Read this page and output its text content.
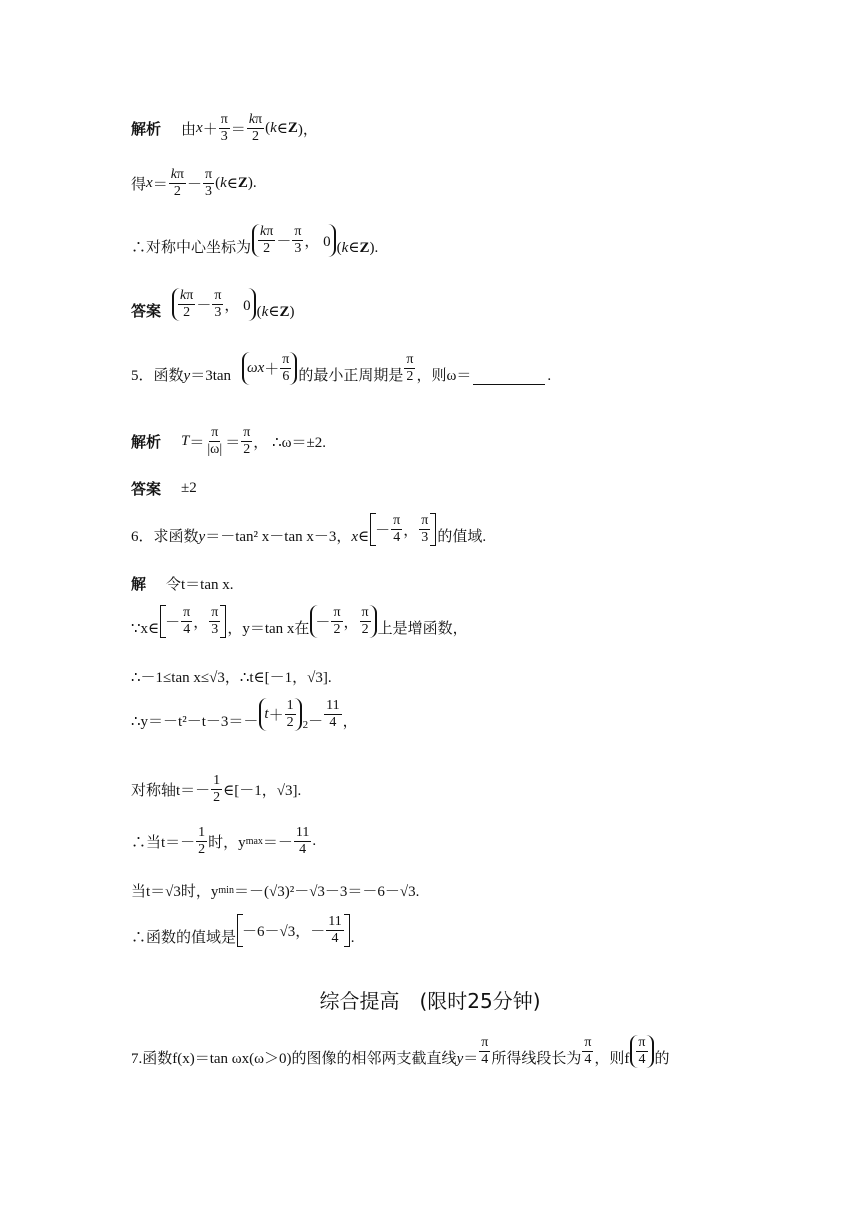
解析 由 $x + \frac{\pi}{3} = \frac{k\pi}{2}$ ( k ∈ Z )，
得 $x = \frac{k\pi}{2} - \frac{\pi}{3}$ ( k ∈ Z ).
∴对称中心坐标为 $\frac{k\pi}{2} - \frac{\pi}{3}$ ， 0 (k∈Z).
答案 $\frac{k\pi}{2} - \frac{\pi}{3}$ ， 0 (k∈Z)
5． 函数 y ＝3tan
$\omega x + \frac{\pi}{6}$ 的最小正周期是 $\frac{\pi}{2}$ ，则ω＝	.
解析 $T = \frac{\pi}{|\omega|} = \frac{\pi}{2}$ ， ∴ω＝±2.
答案 ±2
6． 求函数 y ＝－tan² x－tan x－3， x ∈ － $\frac{\pi}{4}$ ， $\frac{\pi}{3}$ 的值域.
解 令t＝tan x.
∵x∈ － $\frac{\pi}{4}$ ， $\frac{\pi}{3}$ ，y＝tan x在 － $\frac{\pi}{2}$ ， $\frac{\pi}{2}$ 上是增函数，
∴－1≤tan x≤√3，∴t∈[－1，√3].
∴y＝－t²－t－3＝－
$t + \frac{1}{2} 2 - \frac{11}{4}$ ，
对称轴$t=- \frac{1}{2}$ ∈[－1，√3].
∴当$t=- \frac{1}{2}$ 时，y $\max =- \frac{11}{4}$ .
当t＝√3时，y min ＝－(√3)²－√3－3＝－6－√3.
∴函数的值域是 －6－√3，－ $\frac{11}{4}$ .
综合提高　(限时25分钟)
7. 函数f(x)＝tan ωx(ω＞0)的图像的相邻两支截直线 $y = \frac{\pi}{4}$ 所得线段长为 $\frac{\pi}{4}$ ，则f $\frac{\pi}{4}$ 的
